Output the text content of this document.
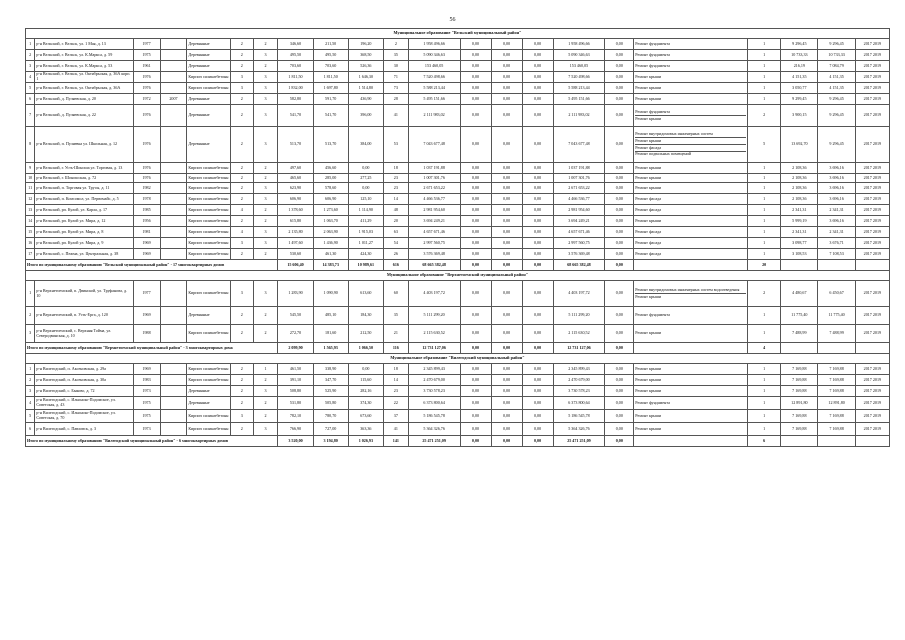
56
Муниципальное образование "Вельский муниципальный район"																					
1	р-н Вельский, г. Вельск, ул. 1 Мая, д. 13	1977		Деревянные	2	2	346,60	211,50	196,20	2	1 958 496,66	0,00	0,00	0,00	1 958 496,66	0,00	Ремонт фундамента	1	9 296,45	9 296,45	2017 2019
2	р-н Вельский, г. Вельск, ул. К.Маркса, д. 59	1975		Деревянные	2	3	495,50	495,50	368,50	35	5 090 346,63	0,00	0,00	0,00	5 090 346,63	0,00	Ремонт фундамента	1	10 733,33	10 733,33	2017 2019
3	р-н Вельский, г. Вельск, ул. К.Маркса, д. 53	1961		Деревянные	2	2	703,60	703,60	526,36	30	153 460,05	0,00	0,00	0,00	153 460,05	0,00	Ремонт фундамента	1	216,19	7 084,79	2017 2019
4	р-н Вельский, г. Вельск, ул. Октябрьская, д. 36А корп. 1	1976		Кирпич силикатбетонн	3	3	1 811,50	1 811,50	1 646,30	71	7 520 498,66	0,00	0,00	0,00	7 520 498,66	0,00	Ремонт крыши	1	4 151,35	4 151,35	2017 2019
5	р-н Вельский, г. Вельск, ул. Октябрьская, д. 36А	1976		Кирпич силикатбетонн	3	3	1 832,00	1 697,80	1 514,80	73	5 588 213,44	0,00	0,00	0,00	5 588 213,44	0,00	Ремонт крыши	1	3 050,77	4 151,35	2017 2019
6	р-н Вельский, д. Пуляевская, д. 20	1972	2007	Деревянные	2	3	582,80	591,70	436,90	28	5 495 151,66	0,00	0,00	0,00	5 495 151,66	0,00	Ремонт крыши	1	9 299,45	9 296,45	2017 2019
7	р-н Вельский, д. Пуляевская, д. 22	1976		Деревянные	2	3	541,70	541,70	396,00	41	2 111 983,02	0,00	0,00	0,00	2 111 983,02	0,00	Ремонт фундамента
Ремонт крыши	2	3 900,15	9 296,45	2017 2019
8	р-н Вельский, п. Пуляевка ул. Школьная, д. 12	1976		Деревянные	2	3	513,70	513,70	384,00	53	7 043 677,48	0,00	0,00	0,00	7 043 677,48	0,00	Ремонт внутридомовых инженерных систем
Ремонт крыши
Ремонт фасада
Ремонт подвальных помещений	5	13 692,70	9 296,45	2017 2019
9	р-н Вельский, г. Усть-Шоноша ул. Торговая, д. 13	1976		Кирпич силикатбетонн	2	2	497,60	456,60	0,00	18	1 037 191,88	0,00	0,00	0,00	1 037 191,88	0,00	Ремонт крыши	1	2 108,36	3 696,16	2017 2019
10	р-н Вельский, г. Шоношская, д. 72	1976		Кирпич силикатбетонн	2	2	465,60	285,00	277,25	23	1 007 301,76	0,00	0,00	0,00	1 007 301,76	0,00	Ремонт крыши	1	2 108,36	3 696,16	2017 2019
11	р-н Вельский, п. Торговая ул. Трусы, д. 11	1982		Кирпич силикатбетонн	2	3	623,90	578,60	0,00	23	2 671 653,22	0,00	0,00	0,00	2 671 653,22	0,00	Ремонт крыши	1	2 108,36	3 696,16	2017 2019
12	р-н Вельский, п. Комсомол, ул. Первомайс, д. 5	1978		Кирпич силикатбетонн	2	3	606,90	606,90	125,10	14	4 466 536,77	0,00	0,00	0,00	4 466 536,77	0,00	Ремонт фасада	1	2 108,36	3 696,16	2017 2019
13	р-н Вельский, рп. Кулой, ул. Карла, д. 17	1985		Кирпич силикатбетонн	4	2	1 378,60	1 273,60	1 114,90	48	2 981 954,60	0,00	0,00	0,00	2 981 954,60	0,00	Ремонт фасада	1	2 341,31	2 341,31	2017 2019
14	р-н Вельский, рп. Кулой ул. Мира, д. 12	1956		Кирпич силикатбетонн	2	2	615,80	1 063,70	411,29	20	3 694 249,21	0,00	0,00	0,00	3 694 249,21	0,00	Ремонт крыши	1	5 999,19	3 696,16	2017 2019
15	р-н Вельский, рп. Кулой ул. Мира, д. 8	1981		Кирпич силикатбетонн	4	3	2 135,80	2 063,90	1 915,03	63	4 657 671,46	0,00	0,00	0,00	4 657 671,46	0,00	Ремонт фасада	1	2 341,31	2 341,31	2017 2019
16	р-н Вельский, рп. Кулой ул. Мира, д. 9	1969		Кирпич силикатбетонн	3	3	1 497,60	1 436,90	1 011,27	54	2 997 560,75	0,00	0,00	0,00	2 997 560,75	0,00	Ремонт фасада	1	3 098,77	3 676,71	2017 2019
17	р-н Вельский, с. Пежма, ул. Центральная, д. 38	1969		Кирпич силикатбетонн	2	2	530,60	461,30	424,30	26	3 576 369,48	0,00	0,00	0,00	3 576 369,48	0,00	Ремонт фасада	1	3 108,53	7 108,53	2017 2019
Итого по муниципальному образованию "Вельский муниципальный район" - 17 многоквартирных домов							15 606,40	14 383,73	10 989,61	616	68 665 382,48	0,00	0,00	0,00	68 665 382,48	0,00		20			
Муниципальное образование "Верхнетоемский муниципальный район"																					
1	р-н Верхнетоемский, п. Двинской, ул. Труфанова, д. 10	1977		Кирпич силикатбетонн	3	3	1 283,90	1 090,90	613,60	60	4 403 197,72	0,00	0,00	0,00	4 403 197,72	0,00	Ремонт внутридомовых инженерных систем водоотведения
Ремонт крыши	2	4 480,67	6 450,67	2017 2019
2	р-н Верхнетоемский, п. Усть-Ерга, д. 120	1969		Деревянные	2	2	545,50	485,10	184,30	35	5 111 299,20	0,00	0,00	0,00	5 111 299,20	0,00	Ремонт фундамента	1	11 775,40	11 775,40	2017 2019
3	р-н Верхнетоемский, с. Верхняя Тойма, ул. Северодвинская, д. 10	1988		Кирпич силикатбетонн	2	2	272,70	181,60	212,50	21	2 115 630,52	0,00	0,00	0,00	2 115 630,52	0,00	Ремонт крыши	1	7 488,99	7 488,99	2017 2019
Итого по муниципальному образованию "Верхнетоемский муниципальный район" - 3 многоквартирных дома							2 099,90	1 565,93	1 066,50	116	12 731 127,06	0,00	0,00	0,00	12 731 127,06	0,00		4			
Муниципальное образование "Вилегодский муниципальный район"																					
1	р-н Вилегодский, п. Аксеновская, д. 29а	1969		Кирпич силикатбетонн	2	1	461,50	338,90	0,00	18	2 345 899,43	0,00	0,00	0,00	2 345 899,43	0,00	Ремонт крыши	1	7 169,88	7 169,88	2017 2019
2	р-н Вилегодский, п. Аксеновская, д. 30а	1983		Кирпич силикатбетонн	2	2	391,10	347,70	115,60	14	2 470 679,00	0,00	0,00	0,00	2 470 679,00	0,00	Ремонт крыши	1	7 169,88	7 169,88	2017 2019
3	р-н Вилегодский, с. Быково, д. 72	1973		Деревянные	2	3	508,80	525,90	282,16	23	3 730 578,23	0,00	0,00	0,00	3 730 578,23	0,00	Ремонт крыши	1	7 169,88	7 169,88	2017 2019
4	р-н Вилегодский, с. Ильинско-Подомское, ул. Советская, д. 43	1975		Деревянные	2	2	531,80	505,80	374,30	22	6 373 800,64	0,00	0,00	0,00	6 373 800,64	0,00	Ремонт фундамента	1	12 891,80	12 891,80	2017 2019
5	р-н Вилегодский, с. Ильинско-Подомское, ул. Советская, д. 70	1975		Кирпич силикатбетонн	3	2	782,10	780,70	673,60	37	5 186 545,78	0,00	0,00	0,00	5 186 545,78	0,00	Ремонт крыши	1	7 169,88	7 169,88	2017 2019
6	р-н Вилегодский, с. Павловск, д. 3	1973		Кирпич силикатбетонн	2	3	766,90	727,00	363,36	41	5 364 326,76	0,00	0,00	0,00	5 364 326,76	0,00	Ремонт крыши	1	7 169,88	7 169,88	2017 2019
Итого по муниципальному образованию "Вилегодский муниципальный район" - 6 многоквартирных домов							3 520,00	3 194,80	1 026,93	141	25 471 251,09	0,00	0,00	0,00	25 471 251,09	0,00		6			
